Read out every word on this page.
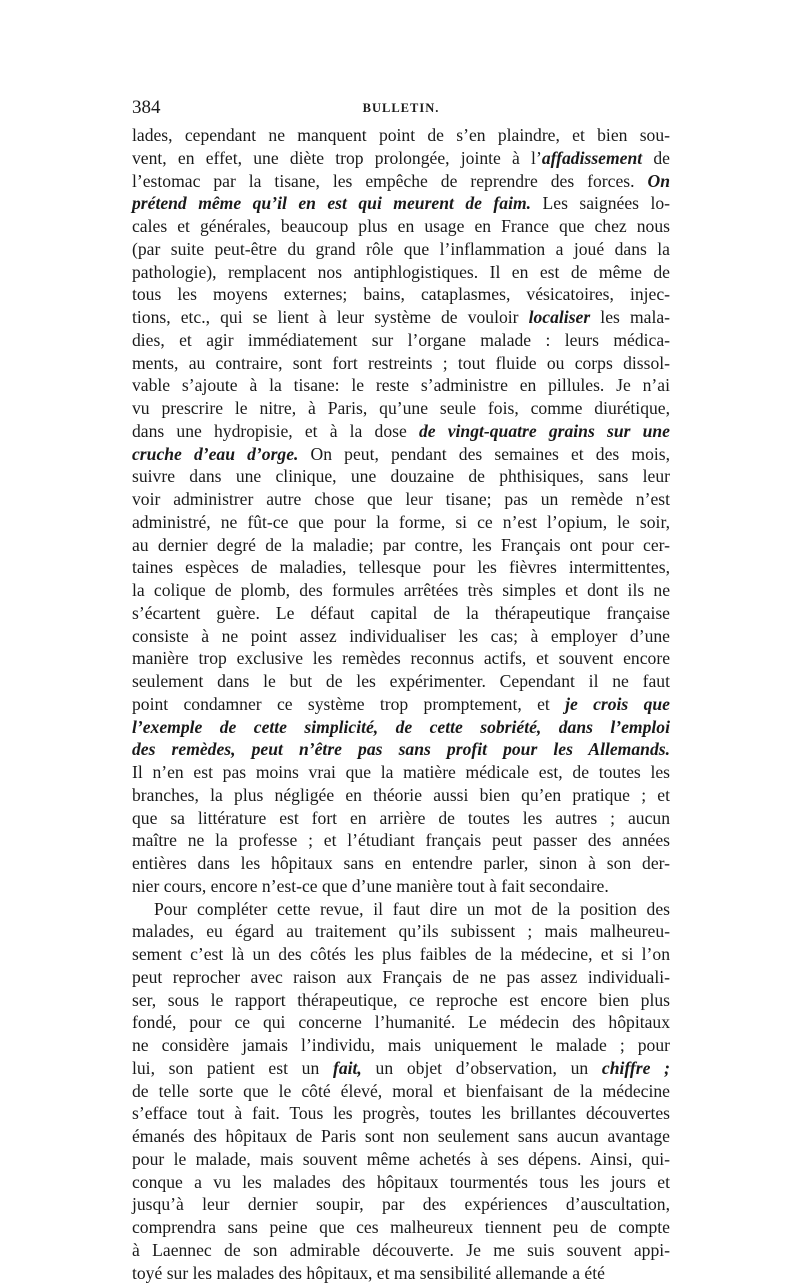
384	BULLETIN.
lades, cependant ne manquent point de s’en plaindre, et bien sou-
vent, en effet, une diète trop prolongée, jointe à l’affadissement de
l’estomac par la tisane, les empêche de reprendre des forces. On
prétend même qu’il en est qui meurent de faim. Les saignées lo-
cales et générales, beaucoup plus en usage en France que chez nous
(par suite peut-être du grand rôle que l’inflammation a joué dans la
pathologie), remplacent nos antiphlogistiques. Il en est de même de
tous les moyens externes; bains, cataplasmes, vésicatoires, injec-
tions, etc., qui se lient à leur système de vouloir localiser les mala-
dies, et agir immédiatement sur l’organe malade : leurs médica-
ments, au contraire, sont fort restreints ; tout fluide ou corps dissol-
vable s’ajoute à la tisane: le reste s’administre en pillules. Je n’ai
vu prescrire le nitre, à Paris, qu’une seule fois, comme diurétique,
dans une hydropisie, et à la dose de vingt-quatre grains sur une
cruche d’eau d’orge. On peut, pendant des semaines et des mois,
suivre dans une clinique, une douzaine de phthisiques, sans leur
voir administrer autre chose que leur tisane; pas un remède n’est
administré, ne fût-ce que pour la forme, si ce n’est l’opium, le soir,
au dernier degré de la maladie; par contre, les Français ont pour cer-
taines espèces de maladies, tellesque pour les fièvres intermittentes,
la colique de plomb, des formules arrêtées très simples et dont ils ne
s’écartent guère. Le défaut capital de la thérapeutique française
consiste à ne point assez individualiser les cas; à employer d’une
manière trop exclusive les remèdes reconnus actifs, et souvent encore
seulement dans le but de les expérimenter. Cependant il ne faut
point condamner ce système trop promptement, et je crois que
l’exemple de cette simplicité, de cette sobriété, dans l’emploi
des remèdes, peut n’être pas sans profit pour les Allemands.
Il n’en est pas moins vrai que la matière médicale est, de toutes les
branches, la plus négligée en théorie aussi bien qu’en pratique ; et
que sa littérature est fort en arrière de toutes les autres ; aucun
maître ne la professe ; et l’étudiant français peut passer des années
entières dans les hôpitaux sans en entendre parler, sinon à son der-
nier cours, encore n’est-ce que d’une manière tout à fait secondaire.
Pour compléter cette revue, il faut dire un mot de la position des
malades, eu égard au traitement qu’ils subissent ; mais malheureu-
sement c’est là un des côtés les plus faibles de la médecine, et si l’on
peut reprocher avec raison aux Français de ne pas assez individuali-
ser, sous le rapport thérapeutique, ce reproche est encore bien plus
fondé, pour ce qui concerne l’humanité. Le médecin des hôpitaux
ne considère jamais l’individu, mais uniquement le malade ; pour
lui, son patient est un fait, un objet d’observation, un chiffre ;
de telle sorte que le côté élevé, moral et bienfaisant de la médecine
s’efface tout à fait. Tous les progrès, toutes les brillantes découvertes
émanés des hôpitaux de Paris sont non seulement sans aucun avantage
pour le malade, mais souvent même achetés à ses dépens. Ainsi, qui-
conque a vu les malades des hôpitaux tourmentés tous les jours et
jusqu’à leur dernier soupir, par des expériences d’auscultation,
comprendra sans peine que ces malheureux tiennent peu de compte
à Laennec de son admirable découverte. Je me suis souvent appi-
toyé sur les malades des hôpitaux, et ma sensibilité allemande a été
